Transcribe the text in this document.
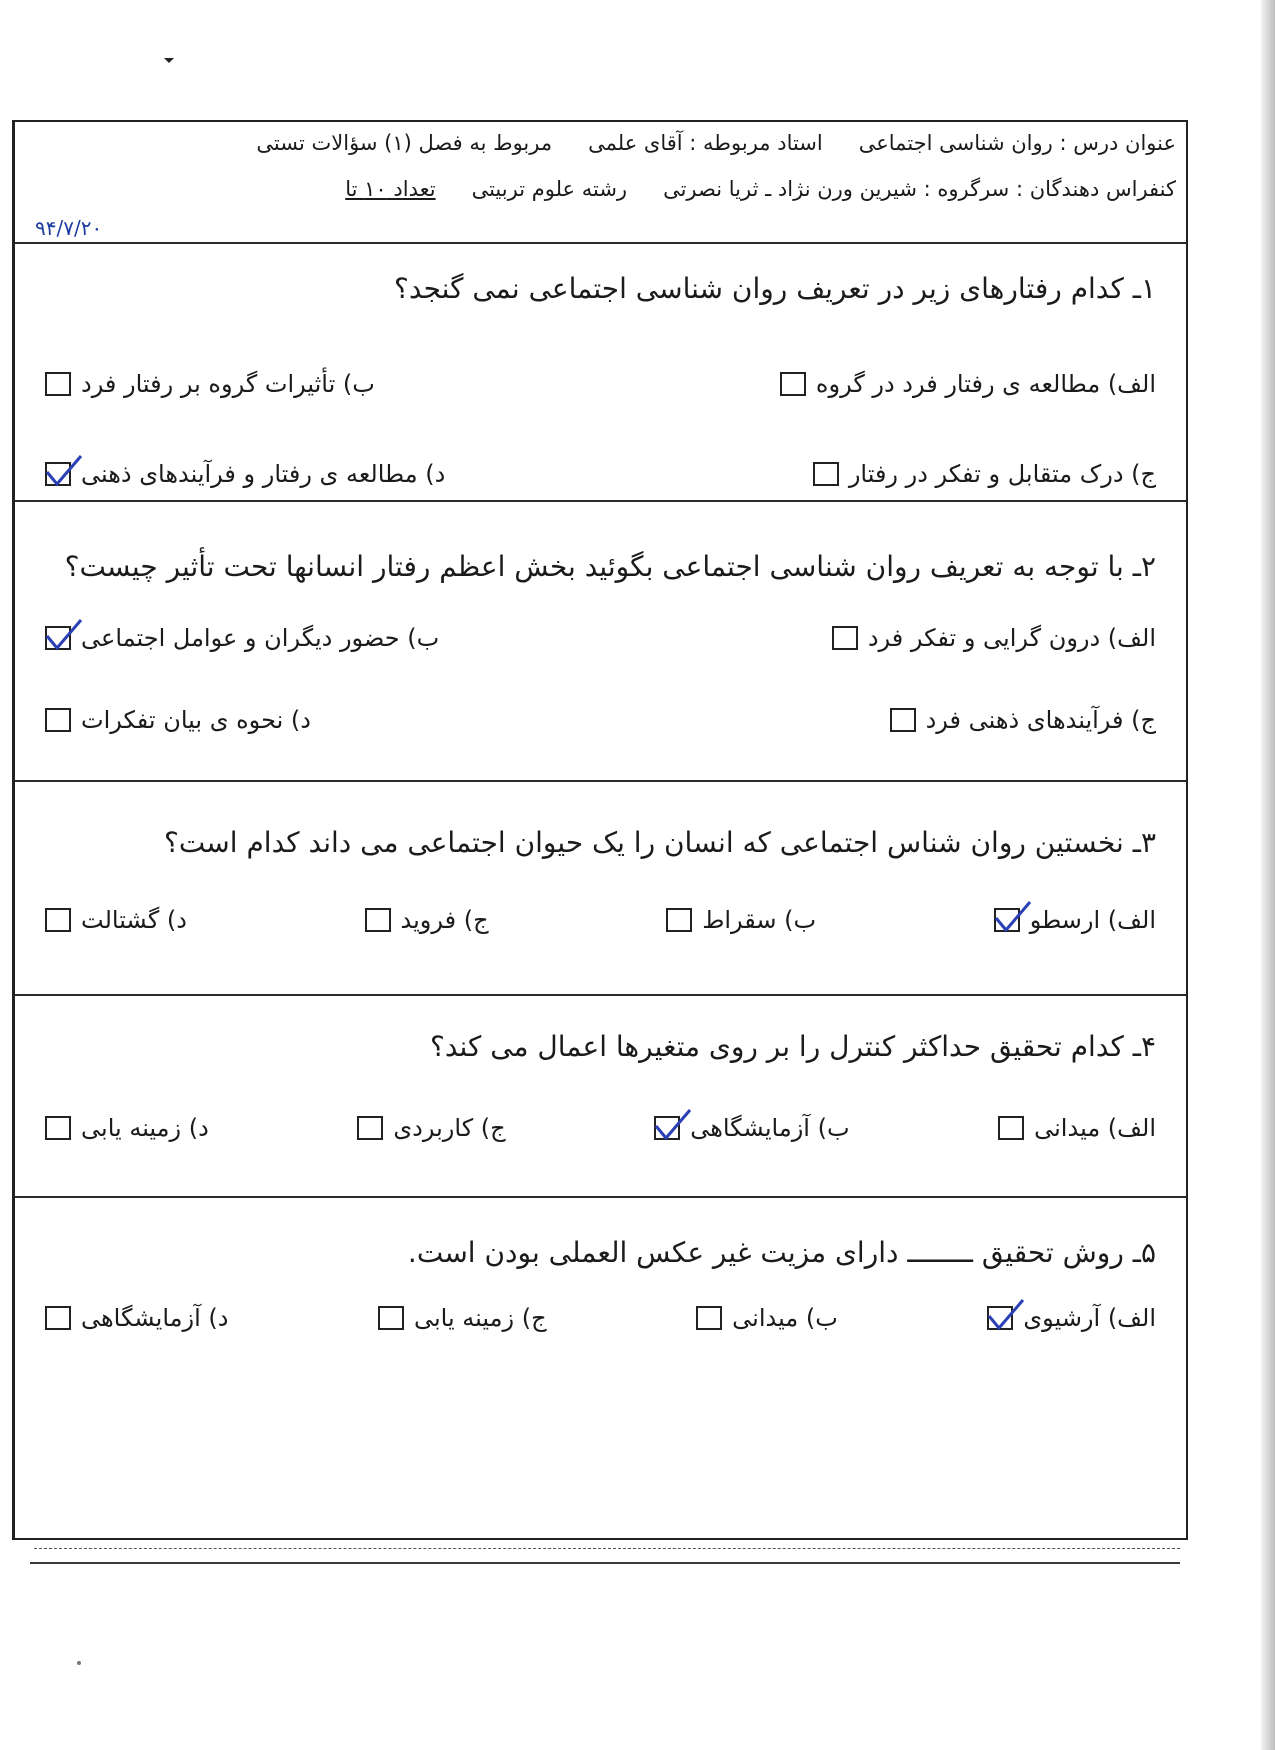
عنوان درس : روان شناسی اجتماعی
استاد مربوطه : آقای علمی
مربوط به فصل (۱) سؤالات تستی
کنفراس دهندگان : سرگروه : شیرین ورن نژاد ـ ثریا نصرتی
رشته علوم تربیتی
تعداد ۱۰ تا
۹۴/۷/۲۰
۱ـ کدام رفتارهای زیر در تعریف روان شناسی اجتماعی نمی گنجد؟
الف) مطالعه ی رفتار فرد در گروه
ب) تأثیرات گروه بر رفتار فرد
ج) درک متقابل و تفکر در رفتار
د) مطالعه ی رفتار و فرآیندهای ذهنی
۲ـ با توجه به تعریف روان شناسی اجتماعی بگوئید بخش اعظم رفتار انسانها تحت تأثیر چیست؟
الف) درون گرایی و تفکر فرد
ب) حضور دیگران و عوامل اجتماعی
ج) فرآیندهای ذهنی فرد
د) نحوه ی بیان تفکرات
۳ـ نخستین روان شناس اجتماعی که انسان را یک حیوان اجتماعی می داند کدام است؟
الف) ارسطو
ب) سقراط
ج) فروید
د) گشتالت
۴ـ کدام تحقیق حداکثر کنترل را بر روی متغیرها اعمال می کند؟
الف) میدانی
ب) آزمایشگاهی
ج) کاربردی
د) زمینه یابی
۵ـ روش تحقیق ــــــــ دارای مزیت غیر عکس العملی بودن است.
الف) آرشیوی
ب) میدانی
ج) زمینه یابی
د) آزمایشگاهی
